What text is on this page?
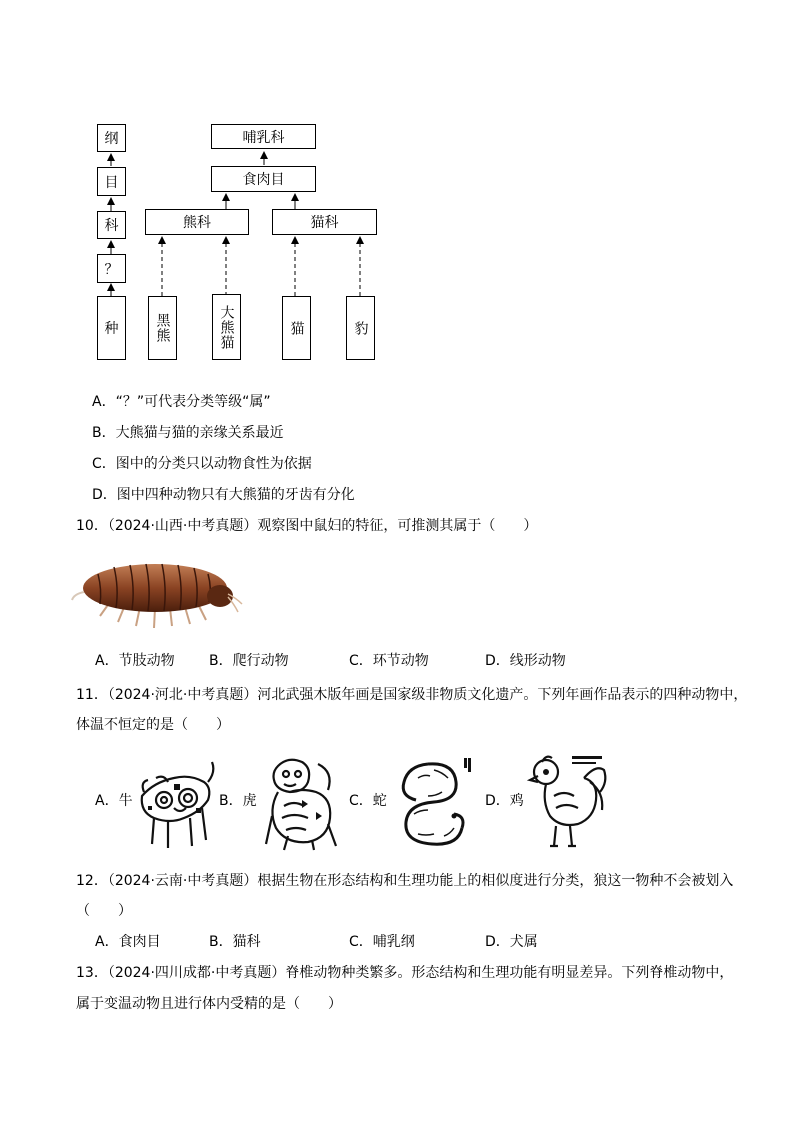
纲
目
科
？
种
哺乳科
食肉目
熊科	猫科
黑熊	大熊猫	猫	豹
A．“？”可代表分类等级“属”
B．大熊猫与猫的亲缘关系最近
C．图中的分类只以动物食性为依据
D．图中四种动物只有大熊猫的牙齿有分化
10．（2024·山西·中考真题）观察图中鼠妇的特征，可推测其属于（　　）
A．节肢动物 B．爬行动物	C．环节动物	D．线形动物
11．（2024·河北·中考真题）河北武强木版年画是国家级非物质文化遗产。下列年画作品表示的四种动物中，
体温不恒定的是（　　）
A．牛	B．虎	C．蛇	D．鸡
12．（2024·云南·中考真题）根据生物在形态结构和生理功能上的相似度进行分类，狼这一物种不会被划入
（　　）
A．食肉目	B．猫科	C．哺乳纲	D．犬属
13．（2024·四川成都·中考真题）脊椎动物种类繁多。形态结构和生理功能有明显差异。下列脊椎动物中，
属于变温动物且进行体内受精的是（　　）
